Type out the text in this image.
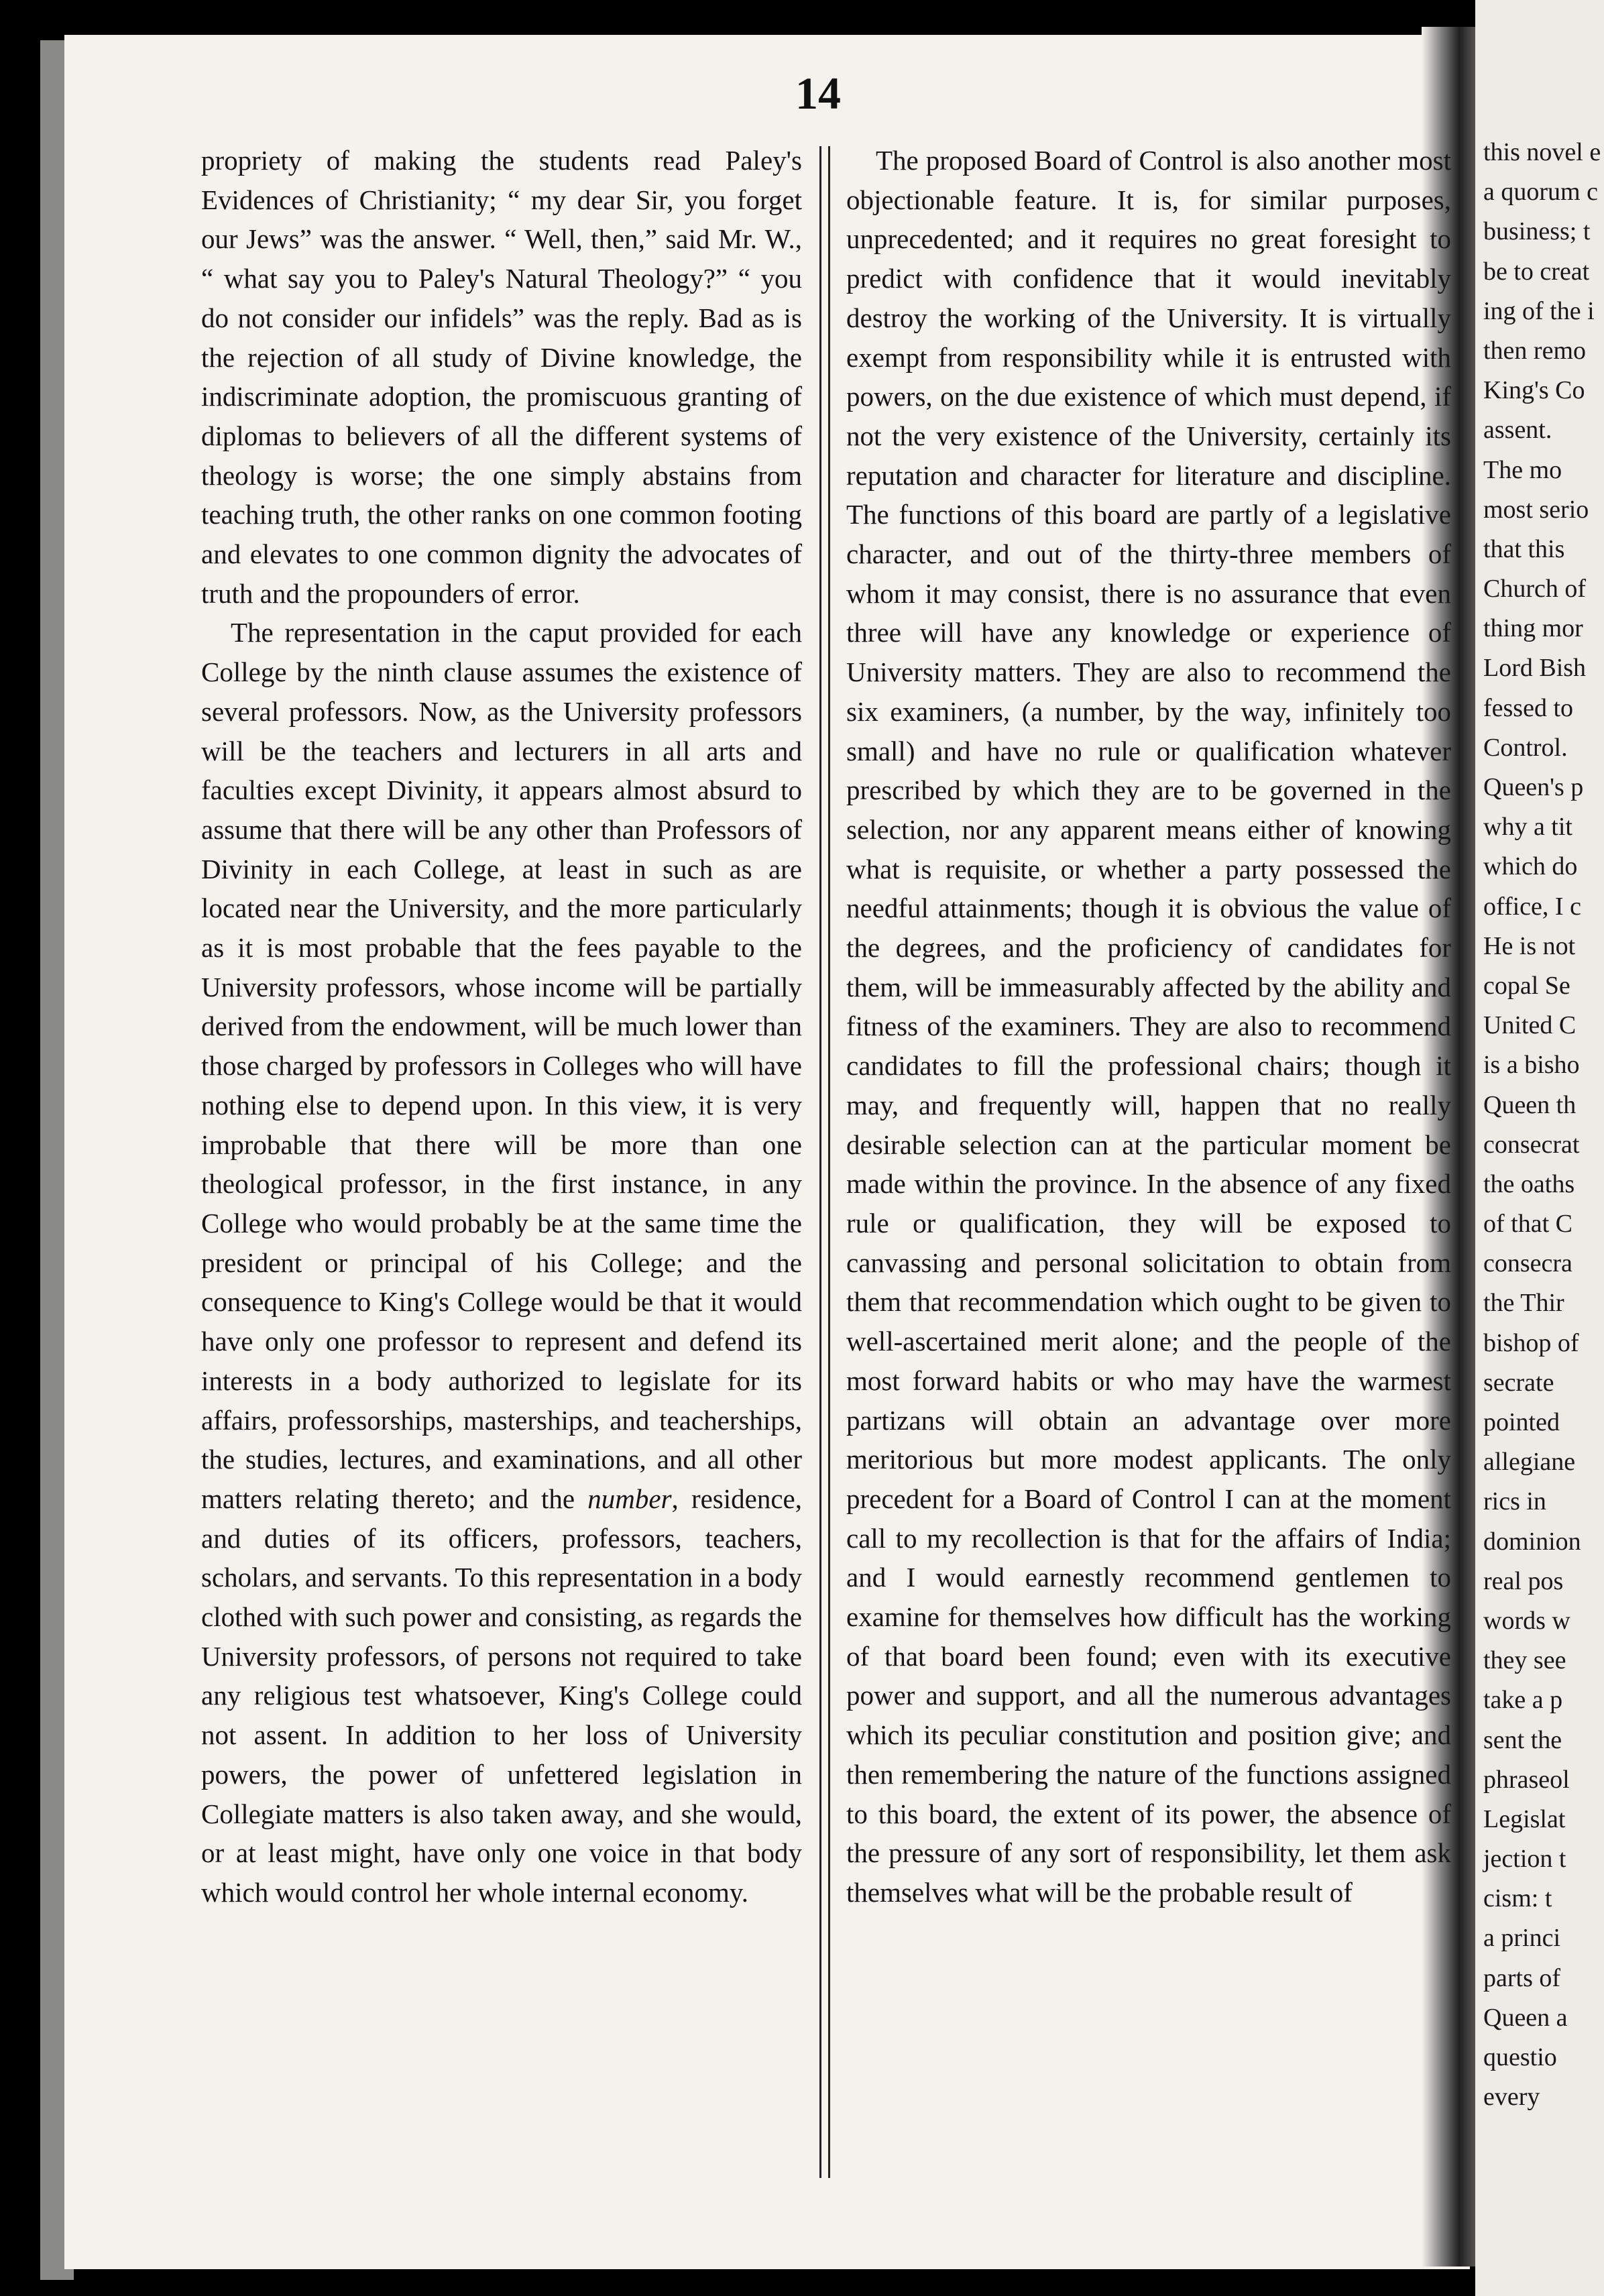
this novel e
a quorum c
business; t
be to creat
ing of the i
then remo
King's Co
assent.
The mo
most serio
that this
Church of
thing mor
Lord Bish
fessed to
Control.
Queen's p
why a tit
which do
office, I c
He is not
copal Se
United C
is a bisho
Queen th
consecrat
the oaths
of that C
consecra
the Thir
bishop of
secrate
pointed
allegiane
rics in
dominion
real pos
words w
they see
take a p
sent the
phraseol
Legislat
jection t
cism: t
a princi
parts of
Queen a
questio
every
14

propriety of making the students read Paley's Evidences of Christianity; “ my dear Sir, you forget our Jews” was the answer. “ Well, then,” said Mr. W., “ what say you to Paley's Natural Theology?” “ you do not consider our infidels” was the reply. Bad as is the rejection of all study of Divine knowledge, the indiscriminate adoption, the promiscuous granting of diplomas to believers of all the different systems of theology is worse; the one simply abstains from teaching truth, the other ranks on one common footing and elevates to one common dignity the advocates of truth and the propounders of error.

The representation in the caput provided for each College by the ninth clause assumes the existence of several professors. Now, as the University professors will be the teachers and lecturers in all arts and faculties except Divinity, it appears almost absurd to assume that there will be any other than Professors of Divinity in each College, at least in such as are located near the University, and the more particularly as it is most probable that the fees payable to the University professors, whose income will be partially derived from the endowment, will be much lower than those charged by professors in Colleges who will have nothing else to depend upon. In this view, it is very improbable that there will be more than one theological professor, in the first instance, in any College who would probably be at the same time the president or principal of his College; and the consequence to King's College would be that it would have only one professor to represent and defend its interests in a body authorized to legislate for its affairs, professorships, masterships, and teacherships, the studies, lectures, and examinations, and all other matters relating thereto; and the number, residence, and duties of its officers, professors, teachers, scholars, and servants. To this representation in a body clothed with such power and consisting, as regards the University professors, of persons not required to take any religious test whatsoever, King's College could not assent. In addition to her loss of University powers, the power of unfettered legislation in Collegiate matters is also taken away, and she would, or at least might, have only one voice in that body which would control her whole internal economy.

The proposed Board of Control is also another most objectionable feature. It is, for similar purposes, unprecedented; and it requires no great foresight to predict with confidence that it would inevitably destroy the working of the University. It is virtually exempt from responsibility while it is entrusted with powers, on the due existence of which must depend, if not the very existence of the University, certainly its reputation and character for literature and discipline. The functions of this board are partly of a legislative character, and out of the thirty-three members of whom it may consist, there is no assurance that even three will have any knowledge or experience of University matters. They are also to recommend the six examiners, (a number, by the way, infinitely too small) and have no rule or qualification whatever prescribed by which they are to be governed in the selection, nor any apparent means either of knowing what is requisite, or whether a party possessed the needful attainments; though it is obvious the value of the degrees, and the proficiency of candidates for them, will be immeasurably affected by the ability and fitness of the examiners. They are also to recommend candidates to fill the professional chairs; though it may, and frequently will, happen that no really desirable selection can at the particular moment be made within the province. In the absence of any fixed rule or qualification, they will be exposed to canvassing and personal solicitation to obtain from them that recommendation which ought to be given to well-ascertained merit alone; and the people of the most forward habits or who may have the warmest partizans will obtain an advantage over more meritorious but more modest applicants. The only precedent for a Board of Control I can at the moment call to my recollection is that for the affairs of India; and I would earnestly recommend gentlemen to examine for themselves how difficult has the working of that board been found; even with its executive power and support, and all the numerous advantages which its peculiar constitution and position give; and then remembering the nature of the functions assigned to this board, the extent of its power, the absence of the pressure of any sort of responsibility, let them ask themselves what will be the probable result of
